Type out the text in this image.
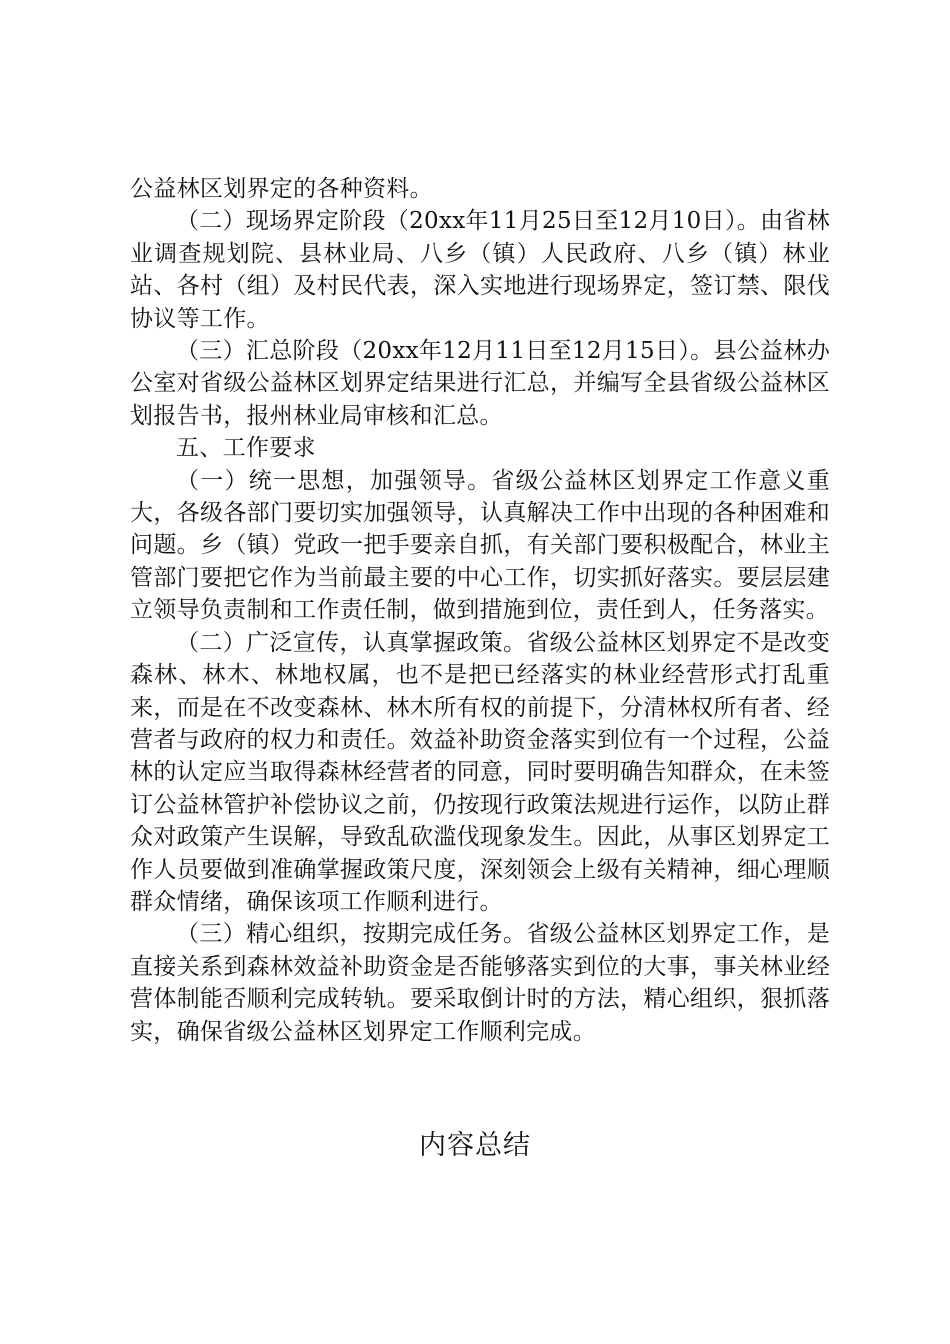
公益林区划界定的各种资料。

（二）现场界定阶段（20xx年11月25日至12月10日）。由省林业调查规划院、县林业局、八乡（镇）人民政府、八乡（镇）林业站、各村（组）及村民代表，深入实地进行现场界定，签订禁、限伐协议等工作。

（三）汇总阶段（20xx年12月11日至12月15日）。县公益林办公室对省级公益林区划界定结果进行汇总，并编写全县省级公益林区划报告书，报州林业局审核和汇总。

五、工作要求

（一）统一思想，加强领导。省级公益林区划界定工作意义重大，各级各部门要切实加强领导，认真解决工作中出现的各种困难和问题。乡（镇）党政一把手要亲自抓，有关部门要积极配合，林业主管部门要把它作为当前最主要的中心工作，切实抓好落实。要层层建立领导负责制和工作责任制，做到措施到位，责任到人，任务落实。

（二）广泛宣传，认真掌握政策。省级公益林区划界定不是改变森林、林木、林地权属，也不是把已经落实的林业经营形式打乱重来，而是在不改变森林、林木所有权的前提下，分清林权所有者、经营者与政府的权力和责任。效益补助资金落实到位有一个过程，公益林的认定应当取得森林经营者的同意，同时要明确告知群众，在未签订公益林管护补偿协议之前，仍按现行政策法规进行运作，以防止群众对政策产生误解，导致乱砍滥伐现象发生。因此，从事区划界定工作人员要做到准确掌握政策尺度，深刻领会上级有关精神，细心理顺群众情绪，确保该项工作顺利进行。

（三）精心组织，按期完成任务。省级公益林区划界定工作，是直接关系到森林效益补助资金是否能够落实到位的大事，事关林业经营体制能否顺利完成转轨。要采取倒计时的方法，精心组织，狠抓落实，确保省级公益林区划界定工作顺利完成。

内容总结
